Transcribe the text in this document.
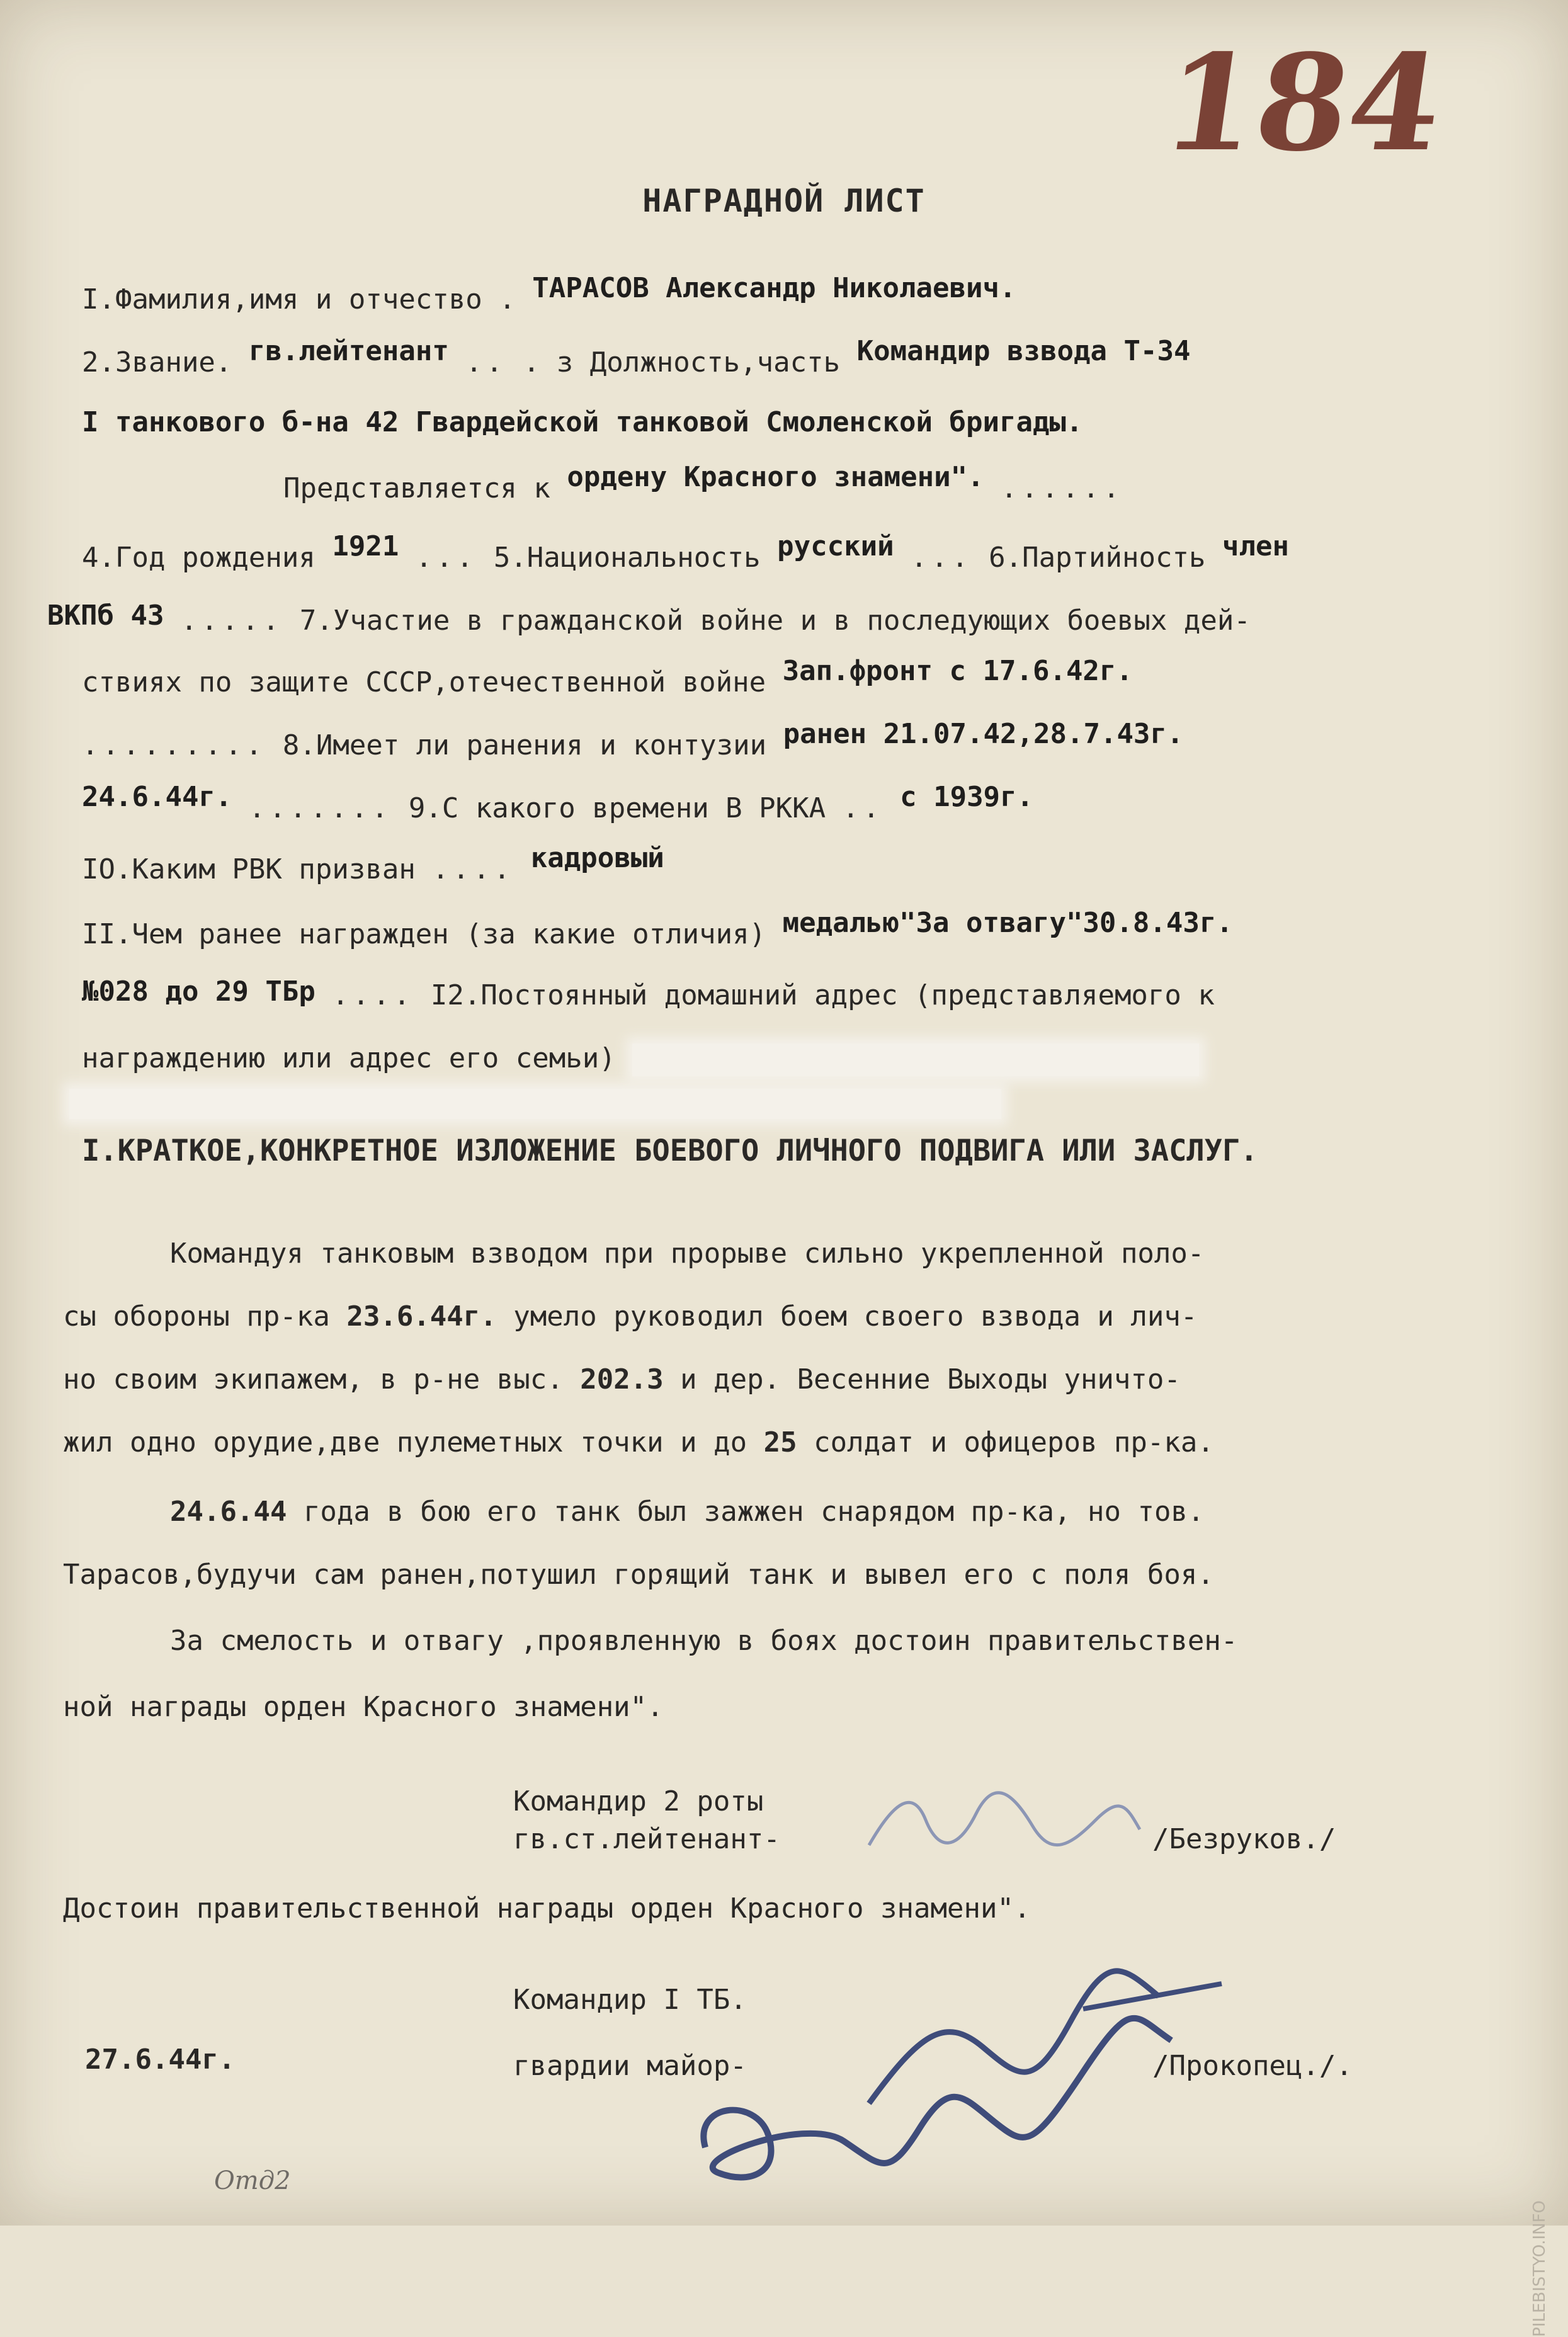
184
НАГРАДНОЙ ЛИСТ
I.Фамилия,имя и отчество . ТАРАСОВ Александр Николаевич.
2.Звание. гв.лейтенант .. . з Должность,часть Командир взвода Т-34
I танкового б-на 42 Гвардейской танковой Смоленской бригады.
Представляется к ордену Красного знамени". ......
4.Год рождения 1921 ... 5.Национальность русский ... 6.Партийность член
ВКПб 43 ..... 7.Участие в гражданской войне и в последующих боевых дей-
ствиях по защите СССР,отечественной войне Зап.фронт с 17.6.42г.
......... 8.Имеет ли ранения и контузии ранен 21.07.42,28.7.43г.
24.6.44г. ....... 9.С какого времени В РККА .. с 1939г.
IO.Каким РВК призван .... кадровый
II.Чем ранее награжден (за какие отличия) медалью"За отвагу"30.8.43г.
№028 до 29 ТБр .... I2.Постоянный домашний адрес (представляемого к
награждению или адрес его семьи)
I.КРАТКОЕ,КОНКРЕТНОЕ ИЗЛОЖЕНИЕ БОЕВОГО ЛИЧНОГО ПОДВИГА ИЛИ ЗАСЛУГ.
Командуя танковым взводом при прорыве сильно укрепленной поло-
сы обороны пр-ка 23.6.44г. умело руководил боем своего взвода и лич-
но своим экипажем, в р-не выс. 202.3 и дер. Весенние Выходы уничто-
жил одно орудие,две пулеметных точки и до 25 солдат и офицеров пр-ка.
24.6.44 года в бою его танк был зажжен снарядом пр-ка, но тов.
Тарасов,будучи сам ранен,потушил горящий танк и вывел его с поля боя.
За смелость и отвагу ,проявленную в боях достоин правительствен-
ной награды орден Красного знамени".
Командир 2 роты
гв.ст.лейтенант-	/Безруков./
Достоин правительственной награды орден Красного знамени".
Командир I ТБ.
27.6.44г.	гвардии майор-	/Прокопец./.
Отд2
PILEBISTYO.INFO
